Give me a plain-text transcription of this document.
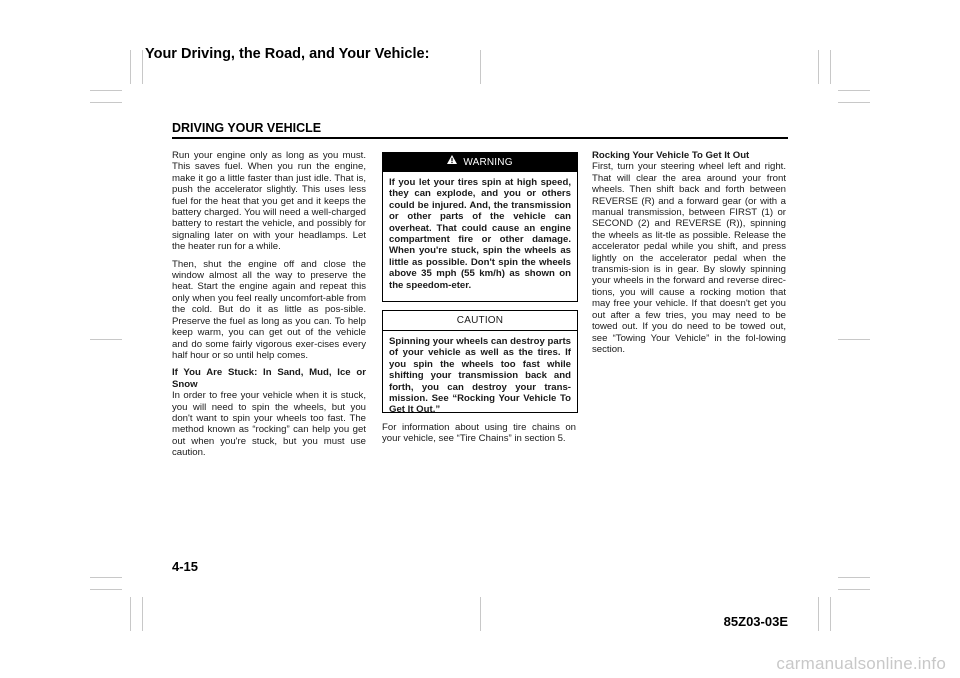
Your Driving, the Road, and Your Vehicle:
DRIVING YOUR VEHICLE

Run your engine only as long as you must. This saves fuel. When you run the engine, make it go a little faster than just idle. That is, push the accelerator slightly. This uses less fuel for the heat that you get and it keeps the battery charged. You will need a well-charged battery to restart the vehicle, and possibly for signaling later on with your headlamps. Let the heater run for a while.

Then, shut the engine off and close the window almost all the way to preserve the heat. Start the engine again and repeat this only when you feel really uncomfort-able from the cold. But do it as little as pos-sible. Preserve the fuel as long as you can. To help keep warm, you can get out of the vehicle and do some fairly vigorous exer-cises every half hour or so until help comes.

If You Are Stuck: In Sand, Mud, Ice or Snow
In order to free your vehicle when it is stuck, you will need to spin the wheels, but you don't want to spin your wheels too fast. The method known as “rocking” can help you get out when you're stuck, but you must use caution.

WARNING
If you let your tires spin at high speed, they can explode, and you or others could be injured. And, the transmission or other parts of the vehicle can overheat. That could cause an engine compartment fire or other damage. When you're stuck, spin the wheels as little as possible. Don't spin the wheels above 35 mph (55 km/h) as shown on the speedom-eter.
CAUTION
Spinning your wheels can destroy parts of your vehicle as well as the tires. If you spin the wheels too fast while shifting your transmission back and forth, you can destroy your trans-mission. See “Rocking Your Vehicle To Get It Out.”

For information about using tire chains on your vehicle, see “Tire Chains” in section 5.

Rocking Your Vehicle To Get It Out
First, turn your steering wheel left and right. That will clear the area around your front wheels. Then shift back and forth between REVERSE (R) and a forward gear (or with a manual transmission, between FIRST (1) or SECOND (2) and REVERSE (R)), spinning the wheels as lit-tle as possible. Release the accelerator pedal while you shift, and press lightly on the accelerator pedal when the transmis-sion is in gear. By slowly spinning your wheels in the forward and reverse direc-tions, you will cause a rocking motion that may free your vehicle. If that doesn't get you out after a few tries, you may need to be towed out. If you do need to be towed out, see “Towing Your Vehicle” in the fol-lowing section.

4-15
85Z03-03E
carmanualsonline.info
